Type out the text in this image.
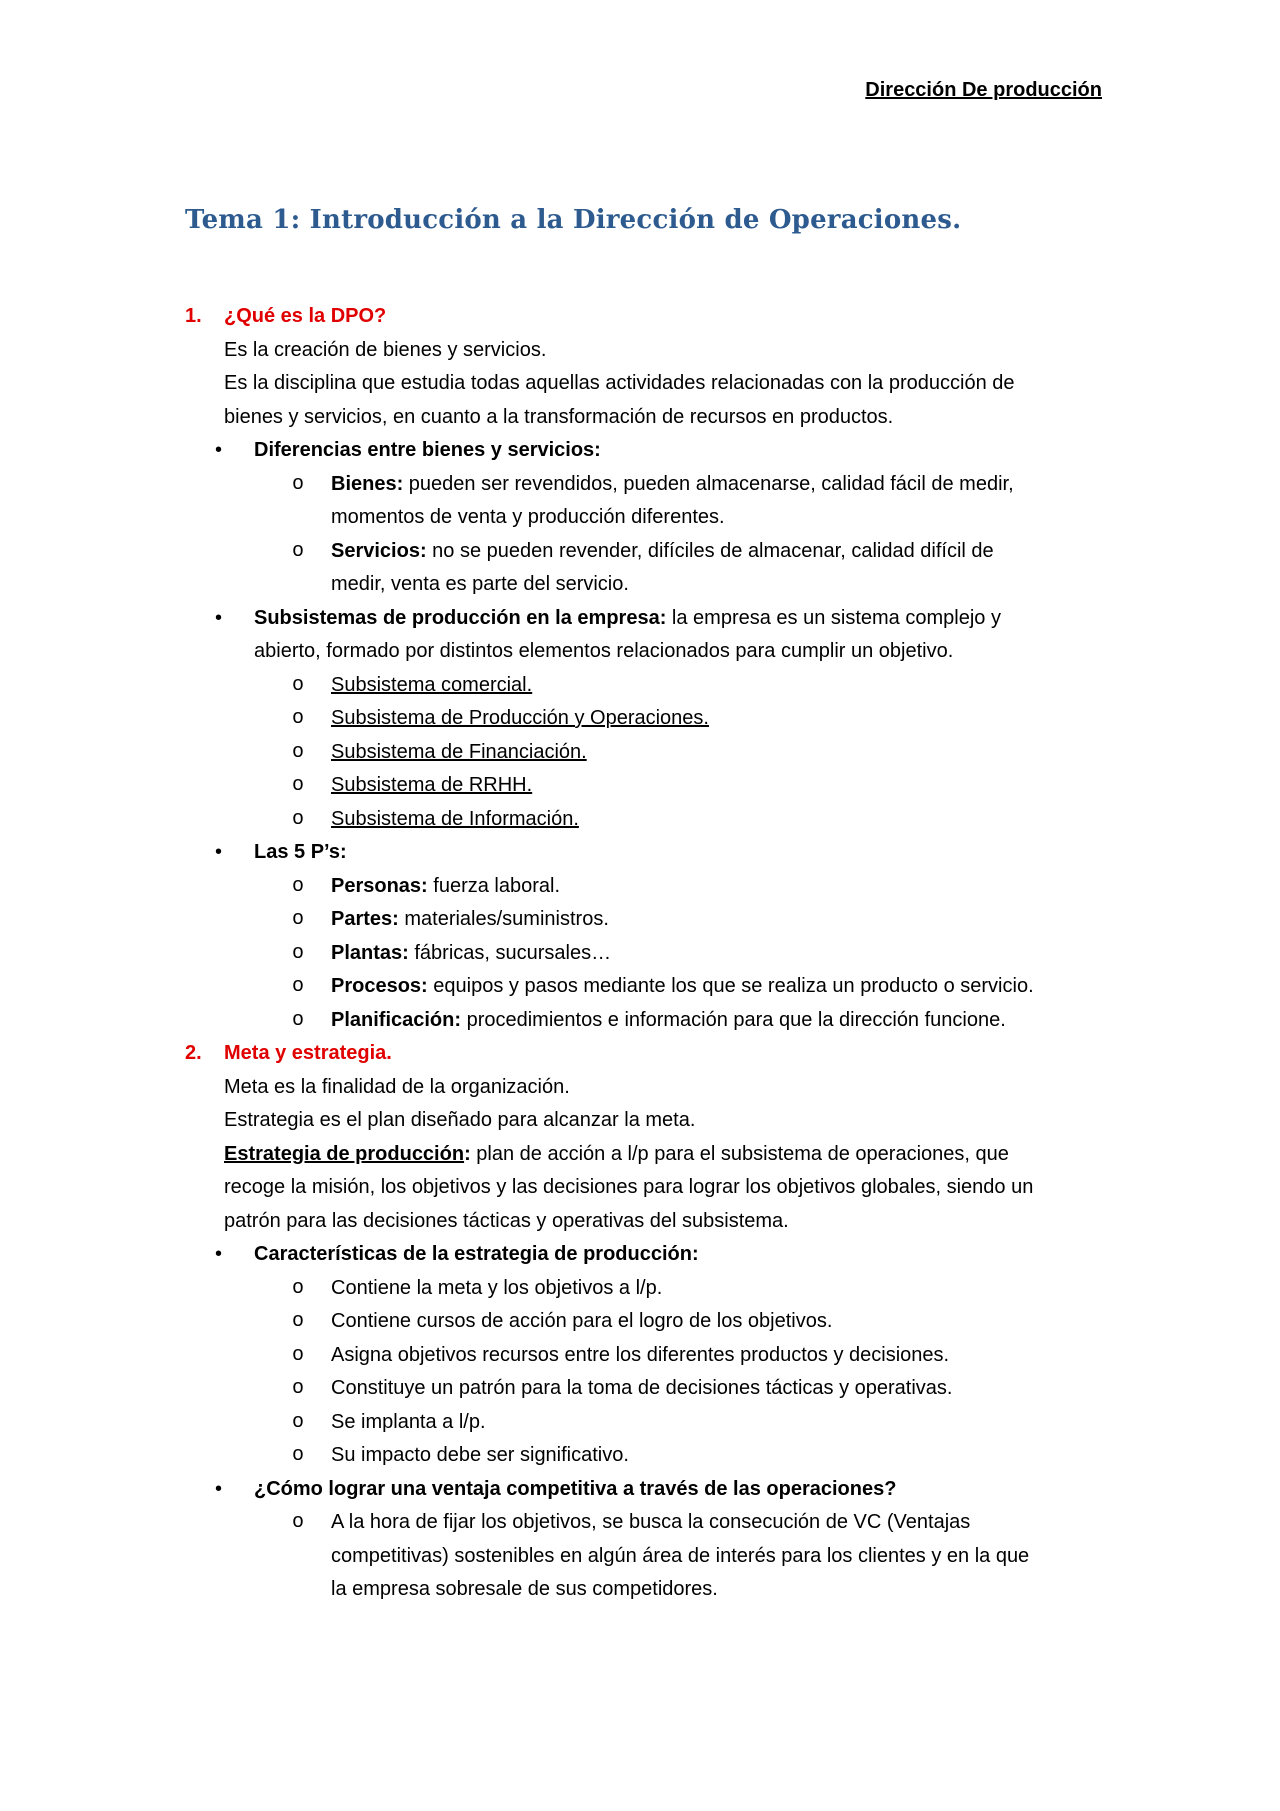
Dirección De producción
Tema 1: Introducción a la Dirección de Operaciones.
1. ¿Qué es la DPO?
Es la creación de bienes y servicios.
Es la disciplina que estudia todas aquellas actividades relacionadas con la producción de
bienes y servicios, en cuanto a la transformación de recursos en productos.
• Diferencias entre bienes y servicios:
o Bienes: pueden ser revendidos, pueden almacenarse, calidad fácil de medir,
momentos de venta y producción diferentes.
o Servicios: no se pueden revender, difíciles de almacenar, calidad difícil de
medir, venta es parte del servicio.
• Subsistemas de producción en la empresa: la empresa es un sistema complejo y
abierto, formado por distintos elementos relacionados para cumplir un objetivo.
o Subsistema comercial.
o Subsistema de Producción y Operaciones.
o Subsistema de Financiación.
o Subsistema de RRHH.
o Subsistema de Información.
• Las 5 P’s:
o Personas: fuerza laboral.
o Partes: materiales/suministros.
o Plantas: fábricas, sucursales…
o Procesos: equipos y pasos mediante los que se realiza un producto o servicio.
o Planificación: procedimientos e información para que la dirección funcione.
2. Meta y estrategia.
Meta es la finalidad de la organización.
Estrategia es el plan diseñado para alcanzar la meta.
Estrategia de producción: plan de acción a l/p para el subsistema de operaciones, que
recoge la misión, los objetivos y las decisiones para lograr los objetivos globales, siendo un
patrón para las decisiones tácticas y operativas del subsistema.
• Características de la estrategia de producción:
o Contiene la meta y los objetivos a l/p.
o Contiene cursos de acción para el logro de los objetivos.
o Asigna objetivos recursos entre los diferentes productos y decisiones.
o Constituye un patrón para la toma de decisiones tácticas y operativas.
o Se implanta a l/p.
o Su impacto debe ser significativo.
• ¿Cómo lograr una ventaja competitiva a través de las operaciones?
o A la hora de fijar los objetivos, se busca la consecución de VC (Ventajas
competitivas) sostenibles en algún área de interés para los clientes y en la que
la empresa sobresale de sus competidores.
